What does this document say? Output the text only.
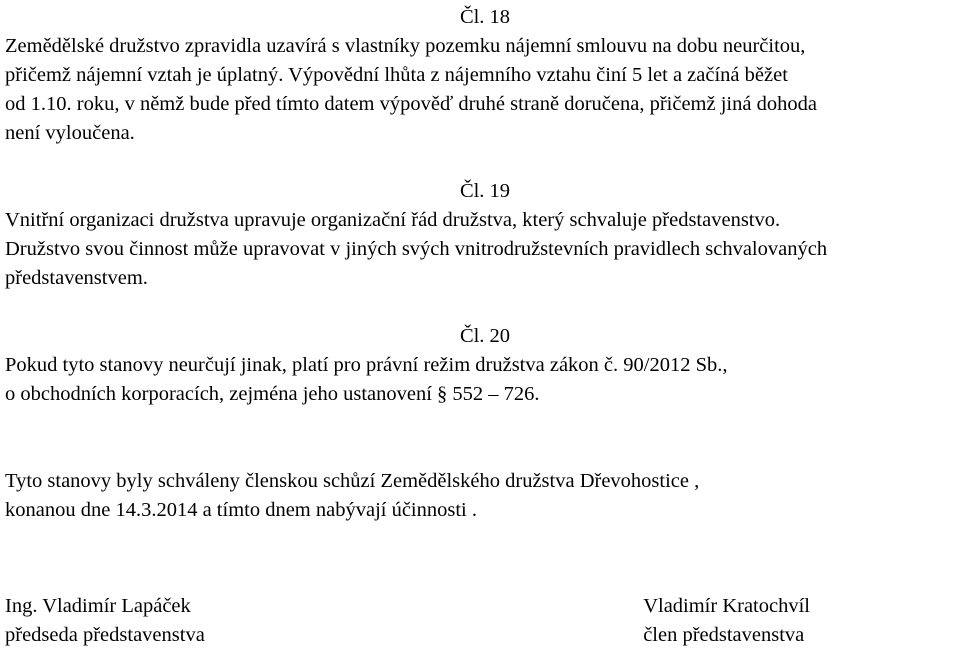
Čl. 18

Zemědělské družstvo zpravidla uzavírá s vlastníky pozemku nájemní smlouvu na dobu neurčitou,
přičemž nájemní vztah je úplatný. Výpovědní lhůta z nájemního vztahu činí 5 let a začíná běžet
od 1.10. roku, v němž bude před tímto datem výpověď druhé straně doručena, přičemž jiná dohoda
není vyloučena.

Čl. 19

Vnitřní organizaci družstva upravuje organizační řád družstva, který schvaluje představenstvo.
Družstvo svou činnost může upravovat v jiných svých vnitrodružstevních pravidlech schvalovaných
představenstvem.

Čl. 20

Pokud tyto stanovy neurčují jinak, platí pro právní režim družstva zákon č. 90/2012 Sb.,
o obchodních korporacích, zejména jeho ustanovení § 552 – 726.

Tyto stanovy byly schváleny členskou schůzí Zemědělského družstva Dřevohostice ,
konanou dne 14.3.2014 a tímto dnem nabývají účinnosti .

Ing. Vladimír Lapáček
předseda představenstva
Vladimír Kratochvíl
člen představenstva
